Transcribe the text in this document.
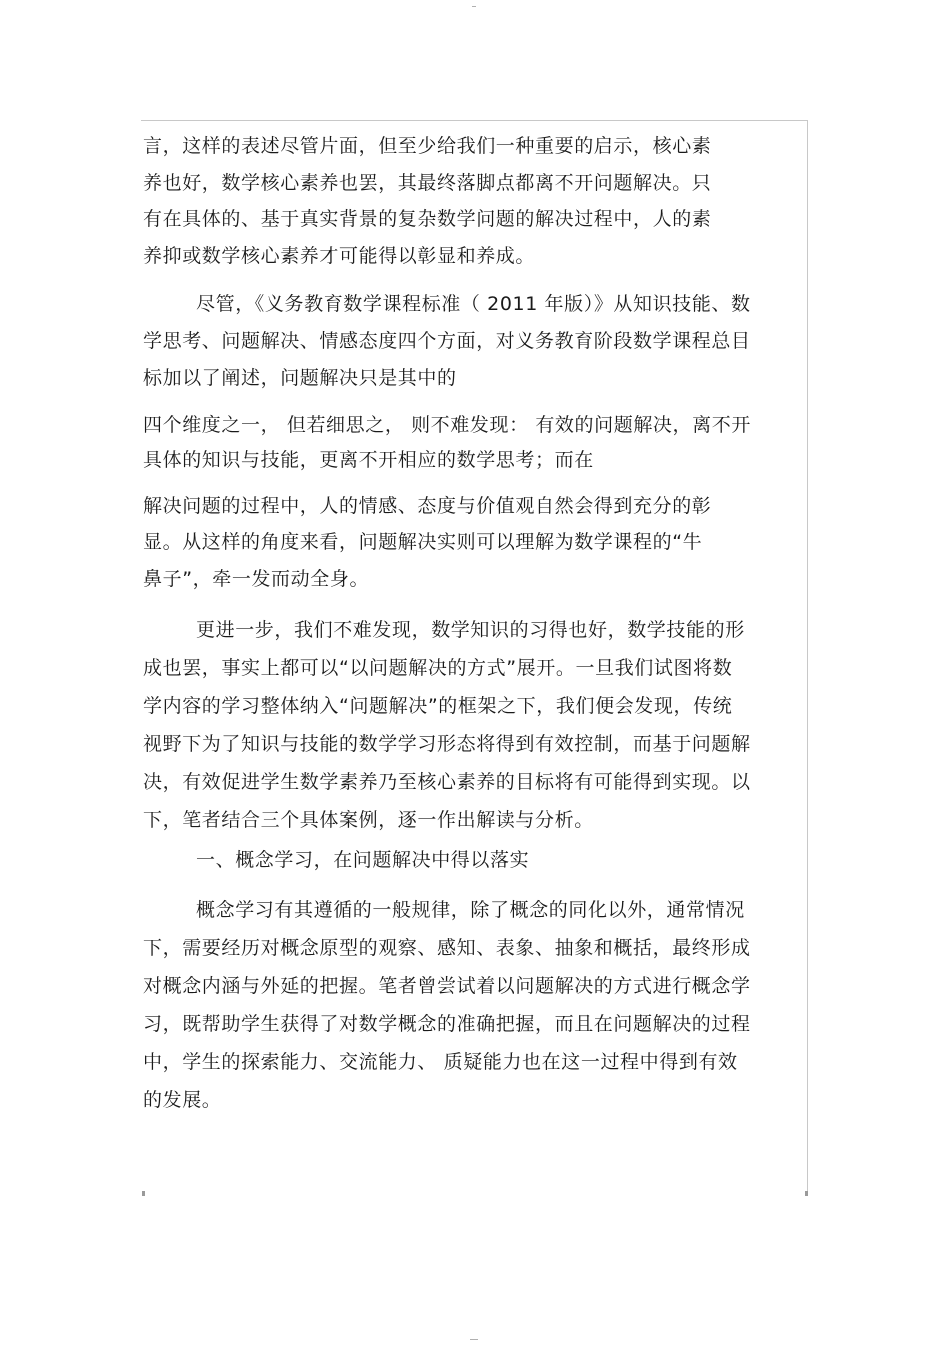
言，这样的表述尽管片面，但至少给我们一种重要的启示，核心素
养也好，数学核心素养也罢，其最终落脚点都离不开问题解决。只
有在具体的、基于真实背景的复杂数学问题的解决过程中，人的素
养抑或数学核心素养才可能得以彰显和养成。
尽管，《义务教育数学课程标准（ 2011 年版）》从知识技能、数
学思考、问题解决、情感态度四个方面，对义务教育阶段数学课程总目
标加以了阐述，问题解决只是其中的
四个维度之一， 但若细思之， 则不难发现： 有效的问题解决，离不开
具体的知识与技能，更离不开相应的数学思考；而在
解决问题的过程中，人的情感、态度与价值观自然会得到充分的彰
显。从这样的角度来看，问题解决实则可以理解为数学课程的“牛
鼻子”，牵一发而动全身。
更进一步，我们不难发现，数学知识的习得也好，数学技能的形
成也罢，事实上都可以“以问题解决的方式”展开。一旦我们试图将数
学内容的学习整体纳入“问题解决”的框架之下，我们便会发现，传统
视野下为了知识与技能的数学学习形态将得到有效控制，而基于问题解
决，有效促进学生数学素养乃至核心素养的目标将有可能得到实现。以
下，笔者结合三个具体案例，逐一作出解读与分析。
一、概念学习，在问题解决中得以落实
概念学习有其遵循的一般规律，除了概念的同化以外，通常情况
下，需要经历对概念原型的观察、感知、表象、抽象和概括，最终形成
对概念内涵与外延的把握。笔者曾尝试着以问题解决的方式进行概念学
习，既帮助学生获得了对数学概念的准确把握，而且在问题解决的过程
中，学生的探索能力、交流能力、 质疑能力也在这一过程中得到有效
的发展。
